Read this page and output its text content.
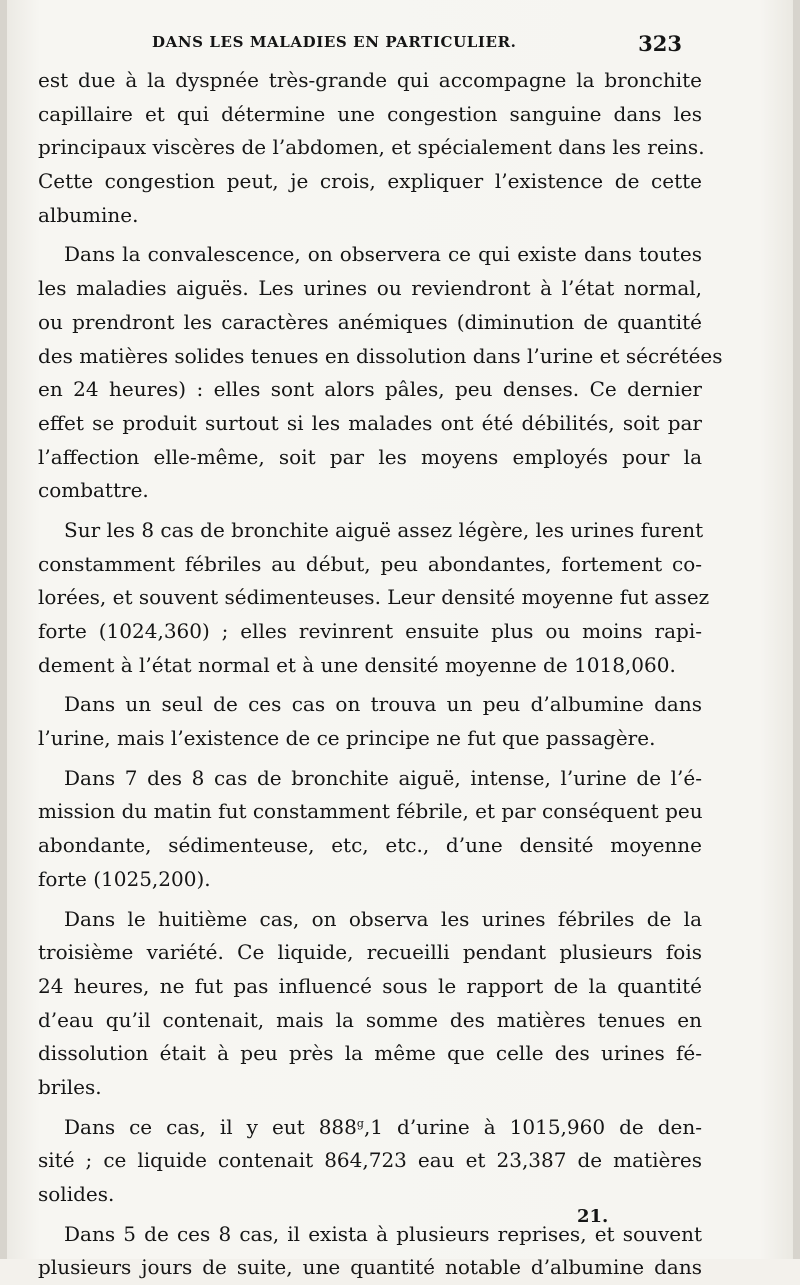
DANS LES MALADIES EN PARTICULIER.	323
est due à la dyspnée très-grande qui accompagne la bronchite
capillaire et qui détermine une congestion sanguine dans les
principaux viscères de l’abdomen, et spécialement dans les reins.
Cette congestion peut, je crois, expliquer l’existence de cette
albumine.
Dans la convalescence, on observera ce qui existe dans toutes
les maladies aiguës. Les urines ou reviendront à l’état normal,
ou prendront les caractères anémiques (diminution de quantité
des matières solides tenues en dissolution dans l’urine et sécrétées
en 24 heures) : elles sont alors pâles, peu denses. Ce dernier
effet se produit surtout si les malades ont été débilités, soit par
l’affection elle-même, soit par les moyens employés pour la
combattre.
Sur les 8 cas de bronchite aiguë assez légère, les urines furent
constamment fébriles au début, peu abondantes, fortement co-
lorées, et souvent sédimenteuses. Leur densité moyenne fut assez
forte (1024,360) ; elles revinrent ensuite plus ou moins rapi-
dement à l’état normal et à une densité moyenne de 1018,060.
Dans un seul de ces cas on trouva un peu d’albumine dans
l’urine, mais l’existence de ce principe ne fut que passagère.
Dans 7 des 8 cas de bronchite aiguë, intense, l’urine de l’é-
mission du matin fut constamment fébrile, et par conséquent peu
abondante, sédimenteuse, etc, etc., d’une densité moyenne
forte (1025,200).
Dans le huitième cas, on observa les urines fébriles de la
troisième variété. Ce liquide, recueilli pendant plusieurs fois
24 heures, ne fut pas influencé sous le rapport de la quantité
d’eau qu’il contenait, mais la somme des matières tenues en
dissolution était à peu près la même que celle des urines fé-
briles.
Dans ce cas, il y eut 888$^g$,1 d’urine à 1015,960 de den-
sité ; ce liquide contenait 864,723 eau et 23,387 de matières
solides.
Dans 5 de ces 8 cas, il exista à plusieurs reprises, et souvent
plusieurs jours de suite, une quantité notable d’albumine dans
21.
